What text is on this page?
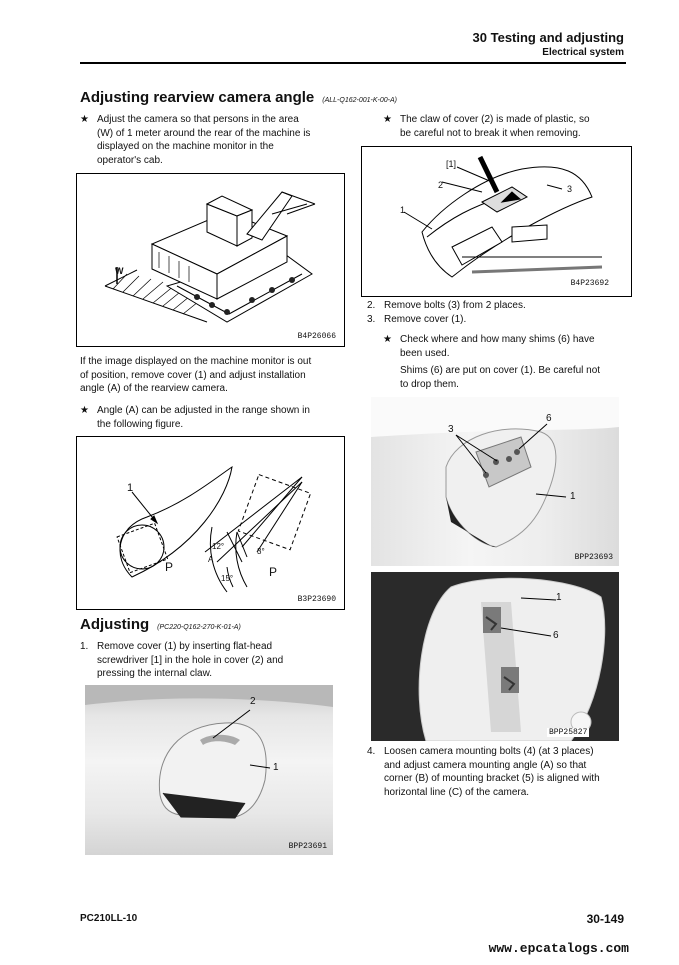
30 Testing and adjusting
Electrical system
Adjusting rearview camera angle (ALL-Q162-001-K-00-A)
★ Adjust the camera so that persons in the area
(W) of 1 meter around the rear of the machine is
displayed on the machine monitor in the
operator's cab.
W
B4P26066
If the image displayed on the machine monitor is out
of position, remove cover (1) and adjust installation
angle (A) of the rearview camera.
★ Angle (A) can be adjusted in the range shown in
the following figure.
1
P	P
A
12°
3°
15°
B3P23690
Adjusting (PC220-Q162-270-K-01-A)
1. Remove cover (1) by inserting flat-head
screwdriver [1] in the hole in cover (2) and
pressing the internal claw.
2
1
BPP23691
★ The claw of cover (2) is made of plastic, so
be careful not to break it when removing.
[1]
2	3
1
B4P23692
2. Remove bolts (3) from 2 places.
3. Remove cover (1).
★ Check where and how many shims (6) have
been used.
Shims (6) are put on cover (1). Be careful not
to drop them.
3
6
1
BPP23693
1
6
BPP25827
4. Loosen camera mounting bolts (4) (at 3 places)
and adjust camera mounting angle (A) so that
corner (B) of mounting bracket (5) is aligned with
horizontal line (C) of the camera.
PC210LL-10	30-149
www.epcatalogs.com
